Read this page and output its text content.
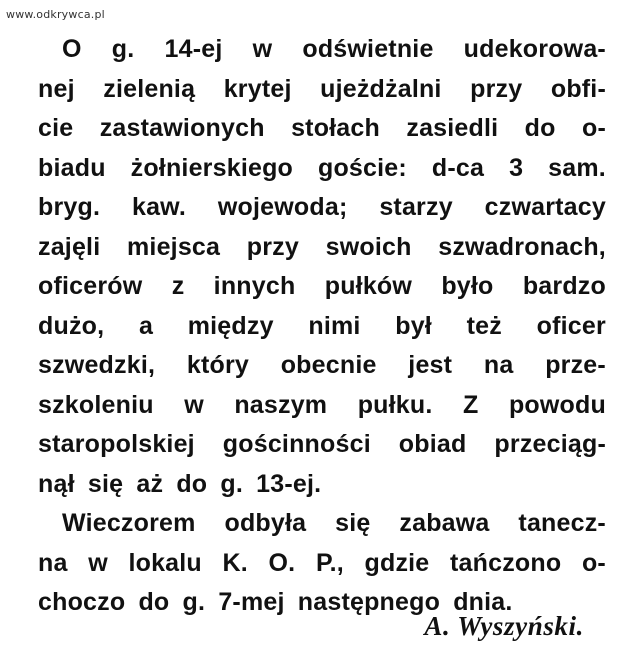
www.odkrywca.pl
O g. 14-ej w odświetnie udekorowa-
nej zielenią krytej ujeżdżalni przy obfi-
cie zastawionych stołach zasiedli do o-
biadu żołnierskiego goście: d-ca 3 sam.
bryg. kaw. wojewoda; starzy czwartacy
zajęli miejsca przy swoich szwadronach,
oficerów z innych pułków było bardzo
dużo, a między nimi był też oficer
szwedzki, który obecnie jest na prze-
szkoleniu w naszym pułku. Z powodu
staropolskiej gościnności obiad przeciąg-
nął się aż do g. 13-ej.
Wieczorem odbyła się zabawa tanecz-
na w lokalu K. O. P., gdzie tańczono o-
choczo do g. 7-mej następnego dnia.
A. Wyszyński.
